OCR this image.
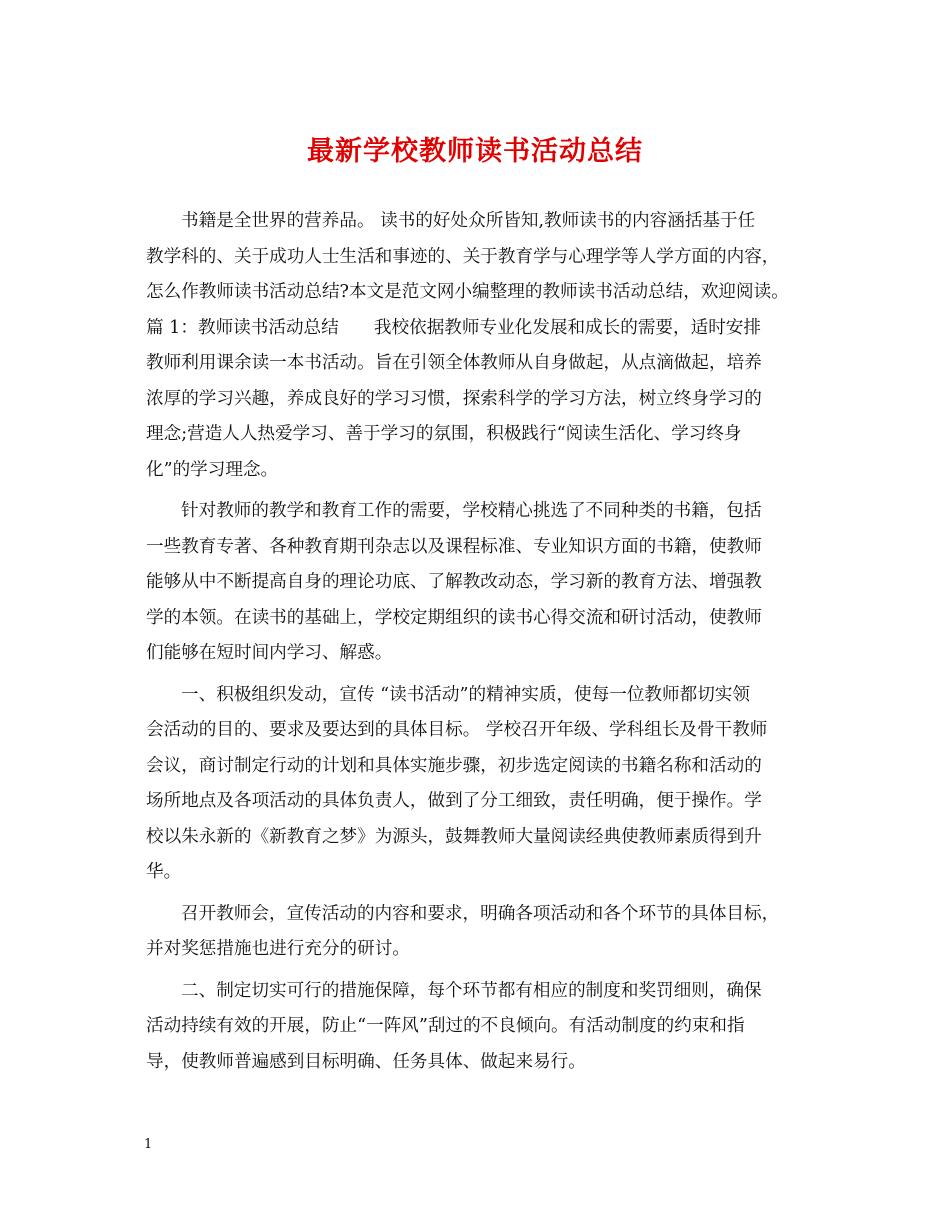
最新学校教师读书活动总结
书籍是全世界的营养品。 读书的好处众所皆知,教师读书的内容涵括基于任
教学科的、关于成功人士生活和事迹的、关于教育学与心理学等人学方面的内容，
怎么作教师读书活动总结?本文是范文网小编整理的教师读书活动总结，欢迎阅读。
篇 1：教师读书活动总结　　我校依据教师专业化发展和成长的需要，适时安排
教师利用课余读一本书活动。旨在引领全体教师从自身做起，从点滴做起，培养
浓厚的学习兴趣，养成良好的学习习惯，探索科学的学习方法，树立终身学习的
理念;营造人人热爱学习、善于学习的氛围，积极践行“阅读生活化、学习终身
化”的学习理念。
针对教师的教学和教育工作的需要，学校精心挑选了不同种类的书籍，包括
一些教育专著、各种教育期刊杂志以及课程标准、专业知识方面的书籍，使教师
能够从中不断提高自身的理论功底、了解教改动态，学习新的教育方法、增强教
学的本领。在读书的基础上，学校定期组织的读书心得交流和研讨活动，使教师
们能够在短时间内学习、解惑。
一、积极组织发动，宣传 “读书活动”的精神实质，使每一位教师都切实领
会活动的目的、要求及要达到的具体目标。 学校召开年级、学科组长及骨干教师
会议，商讨制定行动的计划和具体实施步骤，初步选定阅读的书籍名称和活动的
场所地点及各项活动的具体负责人，做到了分工细致，责任明确，便于操作。学
校以朱永新的《新教育之梦》为源头，鼓舞教师大量阅读经典使教师素质得到升
华。
召开教师会，宣传活动的内容和要求，明确各项活动和各个环节的具体目标，
并对奖惩措施也进行充分的研讨。
二、制定切实可行的措施保障，每个环节都有相应的制度和奖罚细则，确保
活动持续有效的开展，防止“一阵风”刮过的不良倾向。有活动制度的约束和指
导，使教师普遍感到目标明确、任务具体、做起来易行。
1
